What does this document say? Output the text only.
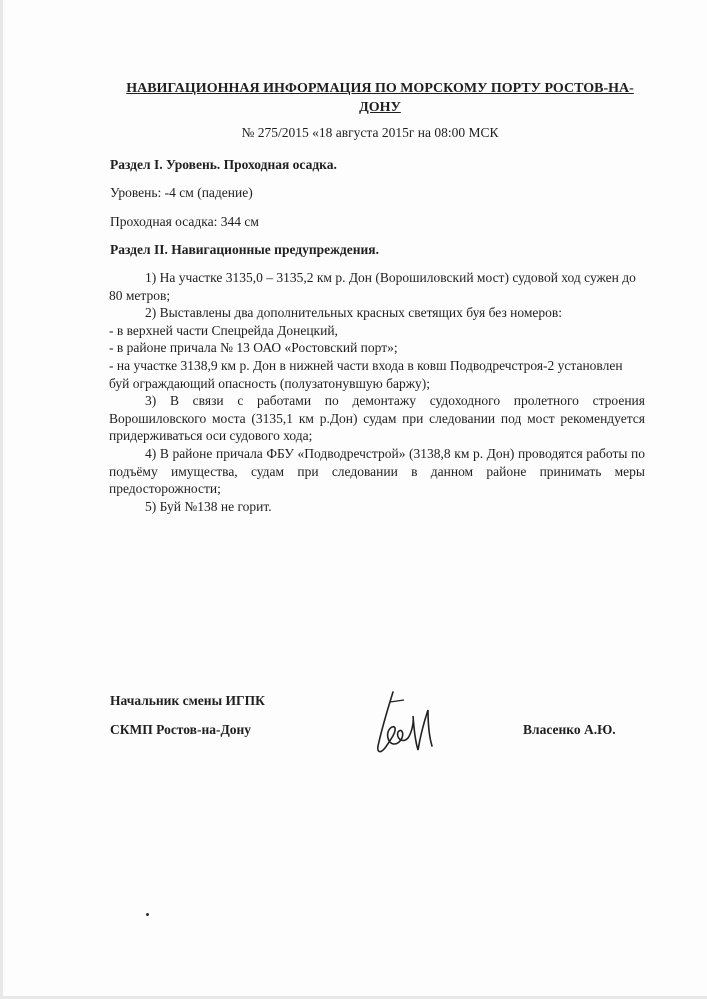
НАВИГАЦИОННАЯ ИНФОРМАЦИЯ ПО МОРСКОМУ ПОРТУ РОСТОВ-НА-ДОНУ
№ 275/2015 «18 августа 2015г на 08:00 МСК
Раздел I. Уровень. Проходная осадка.
Уровень: -4 см (падение)
Проходная осадка: 344 см
Раздел II. Навигационные предупреждения.

1) На участке 3135,0 – 3135,2 км р. Дон (Ворошиловский мост) судовой ход сужен до 80 метров;

2) Выставлены два дополнительных красных светящих буя без номеров:

- в верхней части Спецрейда Донецкий,

- в районе причала № 13 ОАО «Ростовский порт»;

- на участке 3138,9 км р. Дон в нижней части входа в ковш Подводречстроя-2 установлен буй ограждающий опасность (полузатонувшую баржу);

3) В связи с работами по демонтажу судоходного пролетного строения Ворошиловского моста (3135,1 км р.Дон) судам при следовании под мост рекомендуется придерживаться оси судового хода;

4) В районе причала ФБУ «Подводречстрой» (3138,8 км р. Дон) проводятся работы по подъёму имущества, судам при следовании в данном районе принимать меры предосторожности;

5) Буй №138 не горит.

Начальник смены ИГПК
СКМП Ростов-на-Дону	Власенко А.Ю.
